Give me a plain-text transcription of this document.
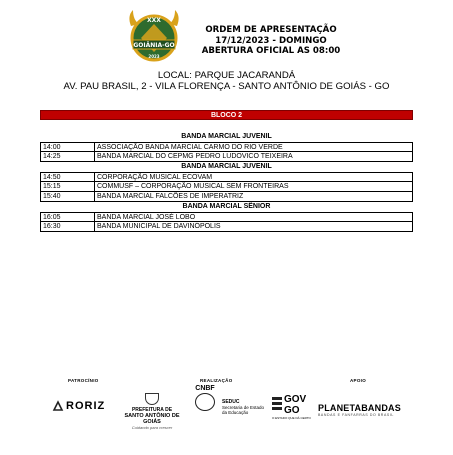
XXX
GOIÂNIA-GO
2023
ORDEM DE APRESENTAÇÃO
17/12/2023 - DOMINGO
ABERTURA OFICIAL AS 08:00
LOCAL: PARQUE JACARANDÁ
AV. PAU BRASIL, 2 - VILA FLORENÇA - SANTO ANTÔNIO DE GOIÁS - GO
BLOCO 2
BANDA MARCIAL JUVENIL
14:00	ASSOCIAÇÃO BANDA MARCIAL CARMO DO RIO VERDE
14:25	BANDA MARCIAL DO CEPMG PEDRO LUDOVICO TEIXEIRA
BANDA MARCIAL JUVENIL
14:50	CORPORAÇÃO MUSICAL ECOVAM
15:15	COMMUSF – CORPORAÇÃO MUSICAL SEM FRONTEIRAS
15:40	BANDA MARCIAL FALCÕES DE IMPERATRIZ
BANDA MARCIAL SÊNIOR
16:05	BANDA MARCIAL JOSÉ LOBO
16:30	BANDA MUNICIPAL DE DAVINÓPOLIS
PATROCÍNIO	REALIZAÇÃO	APOIO
RORIZ	PREFEITURA DE
SANTO ANTÔNIO DE GOIÁS
Cuidando para crescer
CNBF
SEDUC
Secretaria de Estado
da Educação
GOV GO
O ESTADO QUE DÁ CERTO
PLANETABANDAS
BANDAS E FANFARRAS DO BRASIL
